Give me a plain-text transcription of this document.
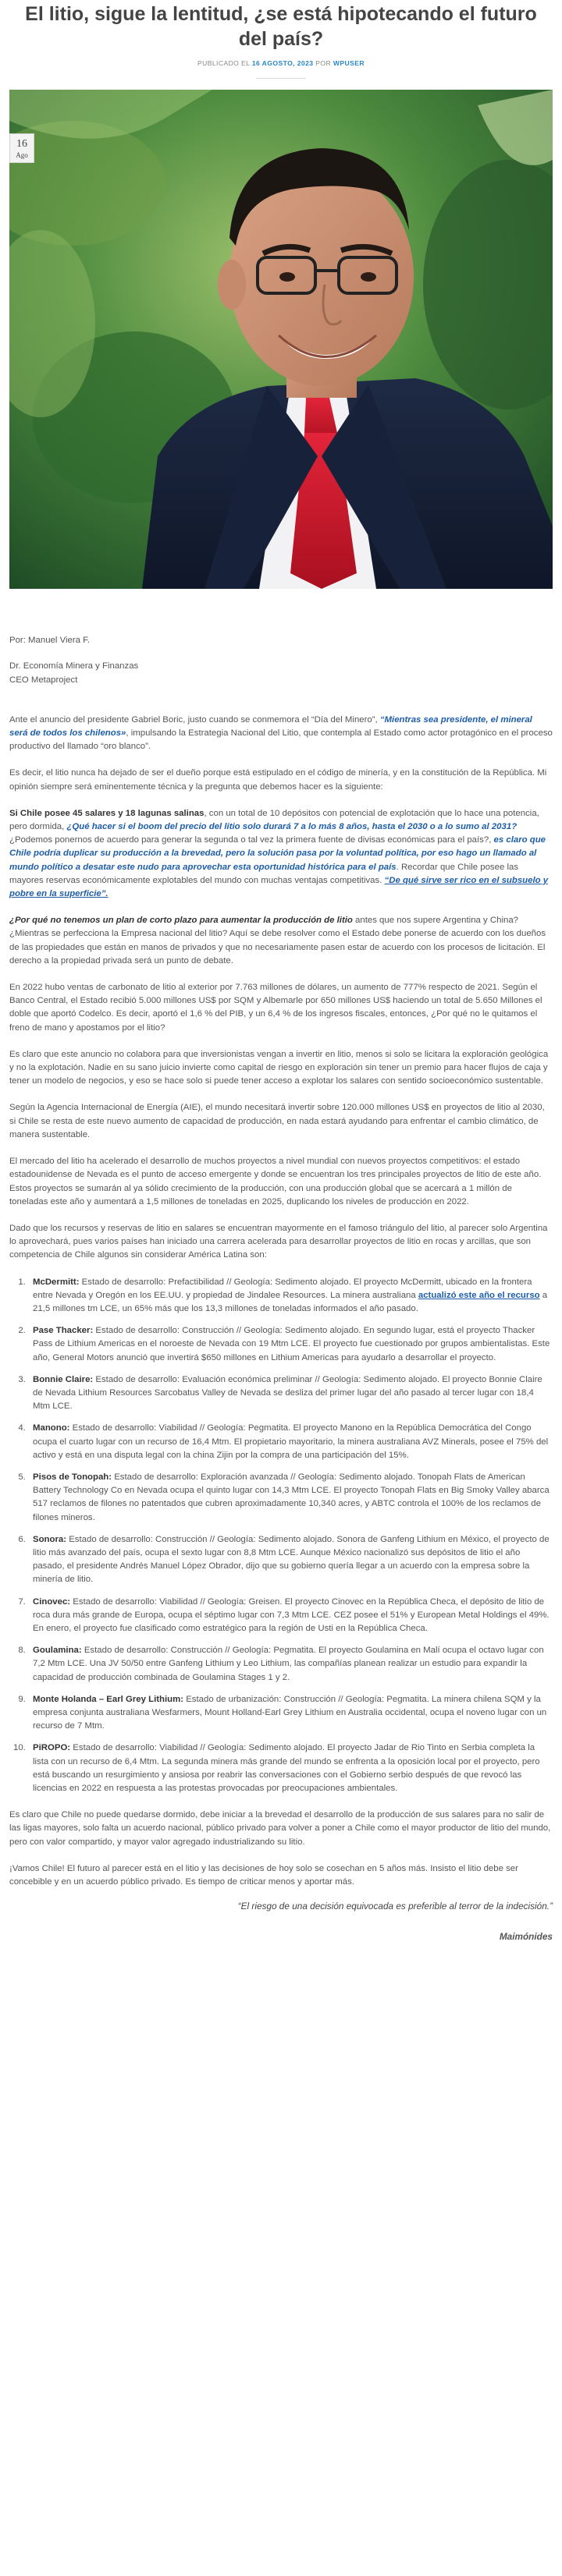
El litio, sigue la lentitud, ¿se está hipotecando el futuro del país?
PUBLICADO EL 16 AGOSTO, 2023 POR WPUSER
16
Ago

Por: Manuel Viera F.

Dr. Economía Minera y Finanzas

CEO Metaproject

Ante el anuncio del presidente Gabriel Boric, justo cuando se conmemora el “Día del Minero”, “Mientras sea presidente, el mineral será de todos los chilenos», impulsando la Estrategia Nacional del Litio, que contempla al Estado como actor protagónico en el proceso productivo del llamado “oro blanco”.

Es decir, el litio nunca ha dejado de ser el dueño porque está estipulado en el código de minería, y en la constitución de la República. Mi opinión siempre será eminentemente técnica y la pregunta que debemos hacer es la siguiente:

Si Chile posee 45 salares y 18 lagunas salinas, con un total de 10 depósitos con potencial de explotación que lo hace una potencia, pero dormida, ¿Qué hacer si el boom del precio del litio solo durará 7 a lo más 8 años, hasta el 2030 o a lo sumo al 2031? ¿Podemos ponernos de acuerdo para generar la segunda o tal vez la primera fuente de divisas económicas para el país?, es claro que Chile podría duplicar su producción a la brevedad, pero la solución pasa por la voluntad política, por eso hago un llamado al mundo político a desatar este nudo para aprovechar esta oportunidad histórica para el país. Recordar que Chile posee las mayores reservas económicamente explotables del mundo con muchas ventajas competitivas. “De qué sirve ser rico en el subsuelo y pobre en la superficie”.

¿Por qué no tenemos un plan de corto plazo para aumentar la producción de litio antes que nos supere Argentina y China? ¿Mientras se perfecciona la Empresa nacional del litio? Aquí se debe resolver como el Estado debe ponerse de acuerdo con los dueños de las propiedades que están en manos de privados y que no necesariamente pasen estar de acuerdo con los procesos de licitación. El derecho a la propiedad privada será un punto de debate.

En 2022 hubo ventas de carbonato de litio al exterior por 7.763 millones de dólares, un aumento de 777% respecto de 2021. Según el Banco Central, el Estado recibió 5.000 millones US$ por SQM y Albemarle por 650 millones US$ haciendo un total de 5.650 Millones el doble que aportó Codelco. Es decir, aportó el 1,6 % del PIB, y un 6,4 % de los ingresos fiscales, entonces, ¿Por qué no le quitamos el freno de mano y apostamos por el litio?

Es claro que este anuncio no colabora para que inversionistas vengan a invertir en litio, menos si solo se licitara la exploración geológica y no la explotación. Nadie en su sano juicio invierte como capital de riesgo en exploración sin tener un premio para hacer flujos de caja y tener un modelo de negocios, y eso se hace solo si puede tener acceso a explotar los salares con sentido socioeconómico sustentable.

Según la Agencia Internacional de Energía (AIE), el mundo necesitará invertir sobre 120.000 millones US$ en proyectos de litio al 2030, si Chile se resta de este nuevo aumento de capacidad de producción, en nada estará ayudando para enfrentar el cambio climático, de manera sustentable.

El mercado del litio ha acelerado el desarrollo de muchos proyectos a nivel mundial con nuevos proyectos competitivos: el estado estadounidense de Nevada es el punto de acceso emergente y donde se encuentran los tres principales proyectos de litio de este año. Estos proyectos se sumarán al ya sólido crecimiento de la producción, con una producción global que se acercará a 1 millón de toneladas este año y aumentará a 1,5 millones de toneladas en 2025, duplicando los niveles de producción en 2022.

Dado que los recursos y reservas de litio en salares se encuentran mayormente en el famoso triángulo del litio, al parecer solo Argentina lo aprovechará, pues varios países han iniciado una carrera acelerada para desarrollar proyectos de litio en rocas y arcillas, que son competencia de Chile algunos sin considerar América Latina son:

1. McDermitt: Estado de desarrollo: Prefactibilidad // Geología: Sedimento alojado. El proyecto McDermitt, ubicado en la frontera entre Nevada y Oregón en los EE.UU. y propiedad de Jindalee Resources. La minera australiana actualizó este año el recurso a 21,5 millones tm LCE, un 65% más que los 13,3 millones de toneladas informados el año pasado.
2. Pase Thacker: Estado de desarrollo: Construcción // Geología: Sedimento alojado. En segundo lugar, está el proyecto Thacker Pass de Lithium Americas en el noroeste de Nevada con 19 Mtm LCE. El proyecto fue cuestionado por grupos ambientalistas. Este año, General Motors anunció que invertirá $650 millones en Lithium Americas para ayudarlo a desarrollar el proyecto.
3. Bonnie Claire: Estado de desarrollo: Evaluación económica preliminar // Geología: Sedimento alojado. El proyecto Bonnie Claire de Nevada Lithium Resources Sarcobatus Valley de Nevada se desliza del primer lugar del año pasado al tercer lugar con 18,4 Mtm LCE.
4. Manono: Estado de desarrollo: Viabilidad // Geología: Pegmatita. El proyecto Manono en la República Democrática del Congo ocupa el cuarto lugar con un recurso de 16,4 Mtm. El propietario mayoritario, la minera australiana AVZ Minerals, posee el 75% del activo y está en una disputa legal con la china Zijin por la compra de una participación del 15%.
5. Pisos de Tonopah: Estado de desarrollo: Exploración avanzada // Geología: Sedimento alojado. Tonopah Flats de American Battery Technology Co en Nevada ocupa el quinto lugar con 14,3 Mtm LCE. El proyecto Tonopah Flats en Big Smoky Valley abarca 517 reclamos de filones no patentados que cubren aproximadamente 10,340 acres, y ABTC controla el 100% de los reclamos de filones mineros.
6. Sonora: Estado de desarrollo: Construcción // Geología: Sedimento alojado. Sonora de Ganfeng Lithium en México, el proyecto de litio más avanzado del país, ocupa el sexto lugar con 8,8 Mtm LCE. Aunque México nacionalizó sus depósitos de litio el año pasado, el presidente Andrés Manuel López Obrador, dijo que su gobierno quería llegar a un acuerdo con la empresa sobre la minería de litio.
7. Cinovec: Estado de desarrollo: Viabilidad // Geología: Greisen. El proyecto Cinovec en la República Checa, el depósito de litio de roca dura más grande de Europa, ocupa el séptimo lugar con 7,3 Mtm LCE. CEZ posee el 51% y European Metal Holdings el 49%. En enero, el proyecto fue clasificado como estratégico para la región de Usti en la República Checa.
8. Goulamina: Estado de desarrollo: Construcción // Geología: Pegmatita. El proyecto Goulamina en Malí ocupa el octavo lugar con 7,2 Mtm LCE. Una JV 50/50 entre Ganfeng Lithium y Leo Lithium, las compañías planean realizar un estudio para expandir la capacidad de producción combinada de Goulamina Stages 1 y 2.
9. Monte Holanda – Earl Grey Lithium: Estado de urbanización: Construcción // Geología: Pegmatita. La minera chilena SQM y la empresa conjunta australiana Wesfarmers, Mount Holland-Earl Grey Lithium en Australia occidental, ocupa el noveno lugar con un recurso de 7 Mtm.
10. PiROPO: Estado de desarrollo: Viabilidad // Geología: Sedimento alojado. El proyecto Jadar de Rio Tinto en Serbia completa la lista con un recurso de 6,4 Mtm. La segunda minera más grande del mundo se enfrenta a la oposición local por el proyecto, pero está buscando un resurgimiento y ansiosa por reabrir las conversaciones con el Gobierno serbio después de que revocó las licencias en 2022 en respuesta a las protestas provocadas por preocupaciones ambientales.

Es claro que Chile no puede quedarse dormido, debe iniciar a la brevedad el desarrollo de la producción de sus salares para no salir de las ligas mayores, solo falta un acuerdo nacional, público privado para volver a poner a Chile como el mayor productor de litio del mundo, pero con valor compartido, y mayor valor agregado industrializando su litio.

¡Vamos Chile! El futuro al parecer está en el litio y las decisiones de hoy solo se cosechan en 5 años más. Insisto el litio debe ser concebible y en un acuerdo público privado. Es tiempo de criticar menos y aportar más.

“El riesgo de una decisión equivocada es preferible al terror de la indecisión.”

Maimónides
